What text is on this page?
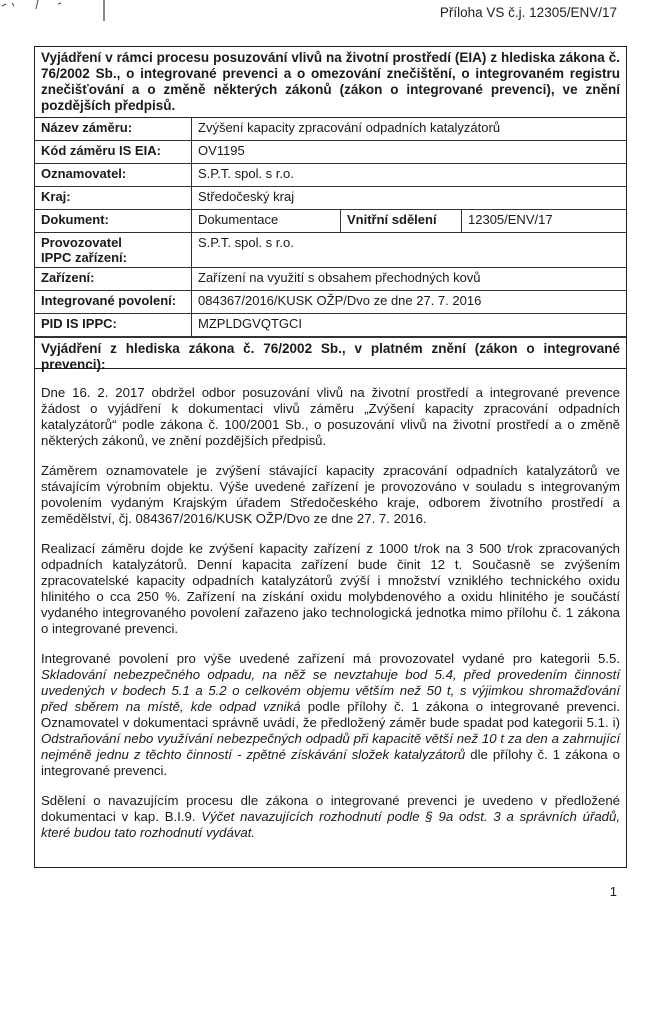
Příloha VS č.j. 12305/ENV/17
Vyjádření v rámci procesu posuzování vlivů na životní prostředí (EIA) z hlediska zákona č. 76/2002 Sb., o integrované prevenci a o omezování znečištění, o integrovaném registru znečišťování a o změně některých zákonů (zákon o integrované prevenci), ve znění pozdějších předpisů.
Název záměru:	Zvýšení kapacity zpracování odpadních katalyzátorů		
Kód záměru IS EIA:	OV1195		
Oznamovatel:	S.P.T. spol. s r.o.		
Kraj:	Středočeský kraj		
Dokument:	Dokumentace	Vnitřní sdělení	12305/ENV/17

Provozovatel
IPPC zařízení:	S.P.T. spol. s r.o.		
Zařízení:	Zařízení na využití s obsahem přechodných kovů		
Integrované povolení:	084367/2016/KUSK OŽP/Dvo ze dne 27. 7. 2016		
PID IS IPPC:	MZPLDGVQTGCI		
Vyjádření z hlediska zákona č. 76/2002 Sb., v platném znění (zákon o integrované prevenci):

Dne 16. 2. 2017 obdržel odbor posuzování vlivů na životní prostředí a integrované prevence žádost o vyjádření k dokumentaci vlivů záměru „Zvýšení kapacity zpracování odpadních katalyzátorů“ podle zákona č. 100/2001 Sb., o posuzování vlivů na životní prostředí a o změně některých zákonů, ve znění pozdějších předpisů.

Záměrem oznamovatele je zvýšení stávající kapacity zpracování odpadních katalyzátorů ve stávajícím výrobním objektu. Výše uvedené zařízení je provozováno v souladu s integrovaným povolením vydaným Krajským úřadem Středočeského kraje, odborem životního prostředí a zemědělství, čj. 084367/2016/KUSK OŽP/Dvo ze dne 27. 7. 2016.

Realizací záměru dojde ke zvýšení kapacity zařízení z 1000 t/rok na 3 500 t/rok zpracovaných odpadních katalyzátorů. Denní kapacita zařízení bude činit 12 t. Současně se zvýšením zpracovatelské kapacity odpadních katalyzátorů zvýší i množství vzniklého technického oxidu hlinitého o cca 250 %. Zařízení na získání oxidu molybdenového a oxidu hlinitého je součástí vydaného integrovaného povolení zařazeno jako technologická jednotka mimo přílohu č. 1 zákona o integrované prevenci.

Integrované povolení pro výše uvedené zařízení má provozovatel vydané pro kategorii 5.5. Skladování nebezpečného odpadu, na něž se nevztahuje bod 5.4, před provedením činností uvedených v bodech 5.1 a 5.2 o celkovém objemu větším než 50 t, s výjimkou shromažďování před sběrem na místě, kde odpad vzniká podle přílohy č. 1 zákona o integrované prevenci. Oznamovatel v dokumentaci správně uvádí, že předložený záměr bude spadat pod kategorii 5.1. i) Odstraňování nebo využívání nebezpečných odpadů při kapacitě větší než 10 t za den a zahrnující nejméně jednu z těchto činností - zpětné získávání složek katalyzátorů dle přílohy č. 1 zákona o integrované prevenci.

Sdělení o navazujícím procesu dle zákona o integrované prevenci je uvedeno v předložené dokumentaci v kap. B.I.9. Výčet navazujících rozhodnutí podle § 9a odst. 3 a správních úřadů, které budou tato rozhodnutí vydávat.

1
